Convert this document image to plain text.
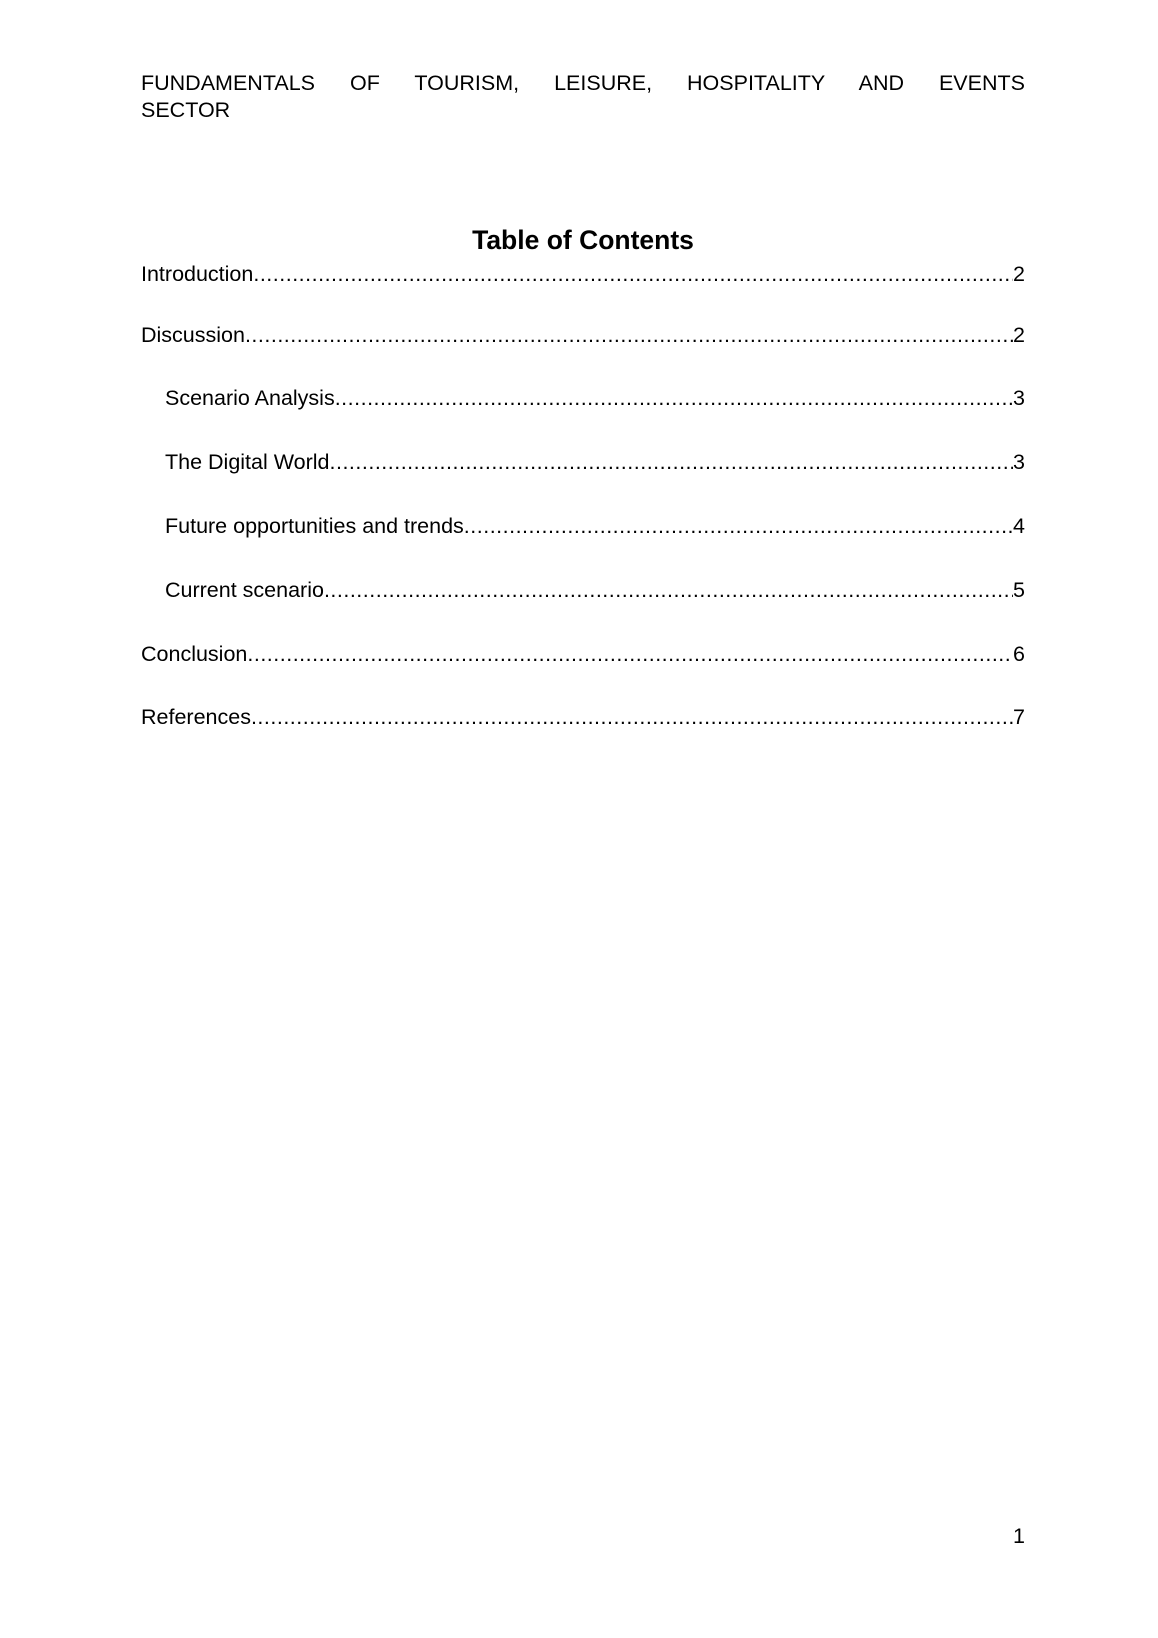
FUNDAMENTALS OF TOURISM, LEISURE, HOSPITALITY AND EVENTS
SECTOR
Table of Contents
Introduction .....	2
Discussion .....	2
Scenario Analysis .....	3
The Digital World .....	3
Future opportunities and trends .....	4
Current scenario .....	5
Conclusion .....	6
References .....	7
1
